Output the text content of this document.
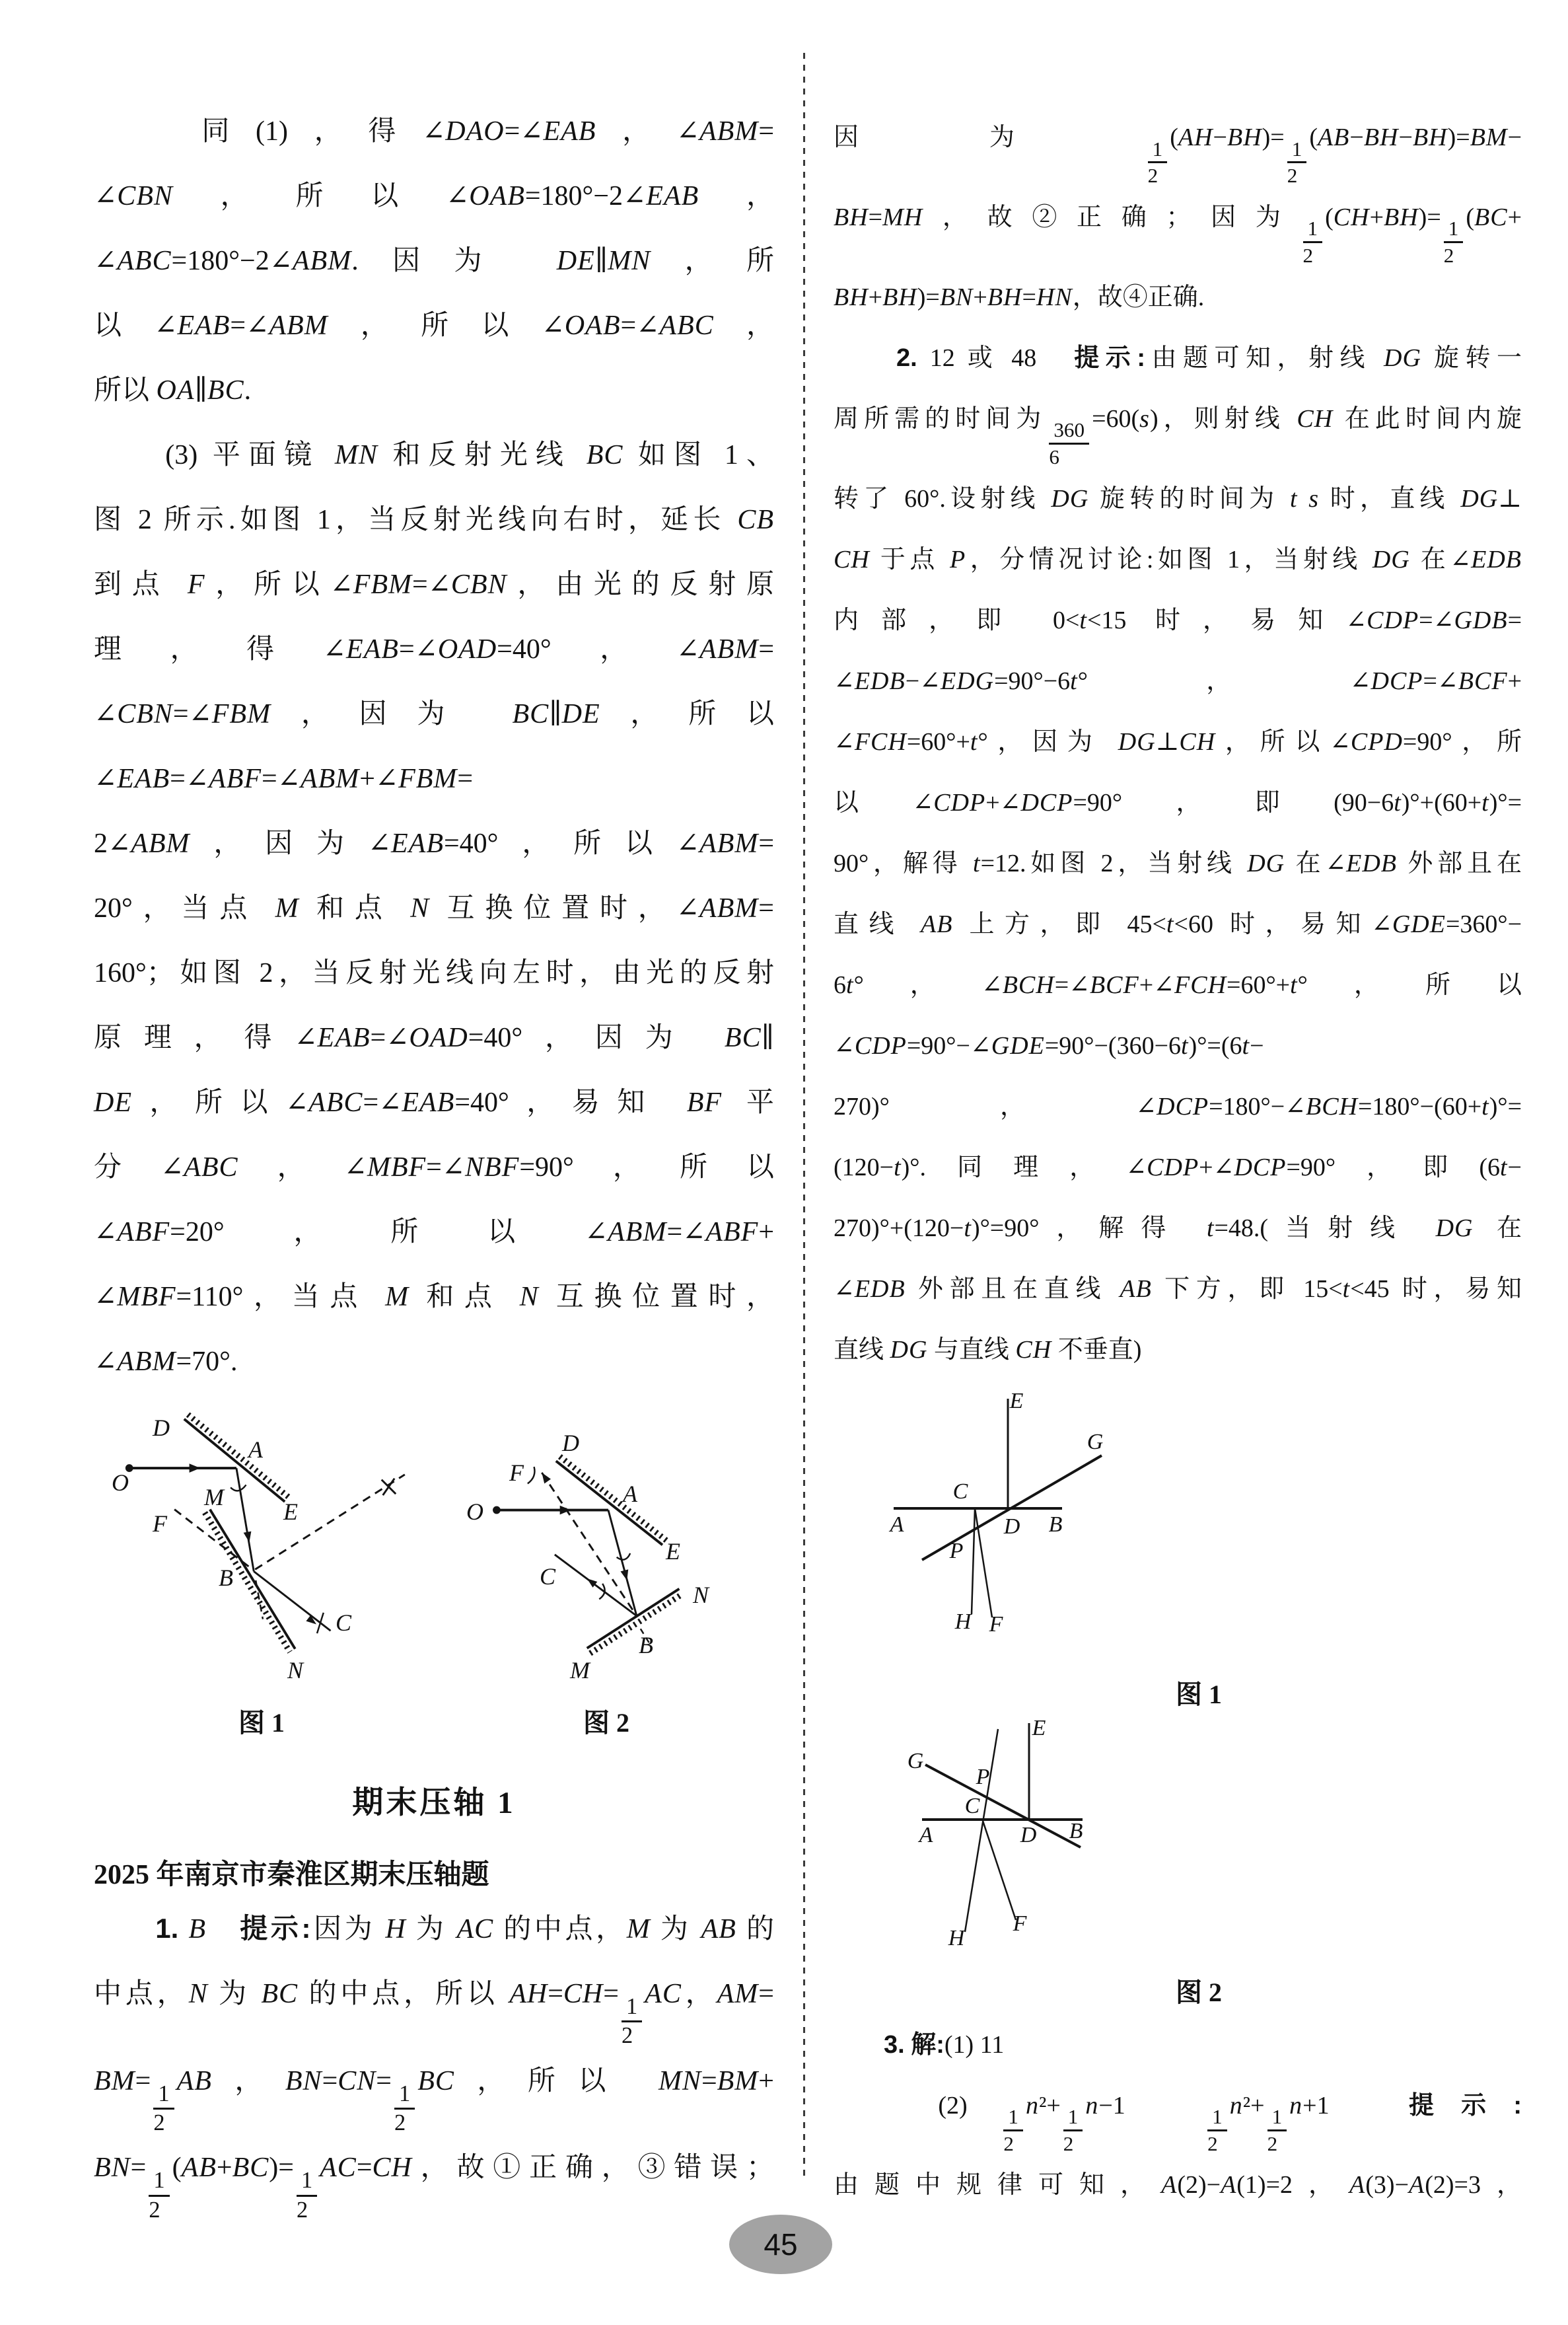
　　同(1)，得∠DAO=∠EAB，∠ABM=
∠CBN，所以∠OAB=180°−2∠EAB，
∠ABC=180°−2∠ABM.因为 DE∥MN，所
以∠EAB=∠ABM，所以∠OAB=∠ABC，
所以 OA∥BC.
　　(3) 平面镜 MN 和反射光线 BC 如图 1、
图 2 所示.如图 1，当反射光线向右时，延长 CB
到点 F，所以∠FBM=∠CBN，由光的反射原
理，得∠EAB=∠OAD=40°，∠ABM=
∠CBN=∠FBM，因为 BC∥DE，所以
∠EAB=∠ABF=∠ABM+∠FBM=
2∠ABM，因为∠EAB=40°，所以∠ABM=
20°，当点 M 和点 N 互换位置时，∠ABM=
160°；如图 2，当反射光线向左时，由光的反射
原理，得∠EAB=∠OAD=40°，因为 BC∥
DE，所以∠ABC=∠EAB=40°，易知 BF 平
分∠ABC，∠MBF=∠NBF=90°，所以
∠ABF=20°，所以∠ABM=∠ABF+
∠MBF=110°，当点 M 和点 N 互换位置时，
∠ABM=70°.
D
A
O
E
M
F
B
C
N
图 1
D
F
A
O
E
C
N
B
M
图 2
期末压轴 1
2025 年南京市秦淮区期末压轴题
　　1. B　 提示:因为 H 为 AC 的中点，M 为 AB 的
中点，N 为 BC 的中点，所以 AH=CH=
$\frac{1}{2}$
AC，AM=
BM=
$\frac{1}{2}$
AB，BN=CN=
$\frac{1}{2}$
BC，所以 MN=BM+
BN=
$\frac{1}{2}$
(AB+BC)=
$\frac{1}{2}$
AC=CH，故①正确，③错误；
因为
$\frac{1}{2}$
(AH−BH)=
$\frac{1}{2}$
(AB−BH−BH)=BM−
BH=MH，故②正确；因为
$\frac{1}{2}$
(CH+BH)=
$\frac{1}{2}$
(BC+
BH+BH)=BN+BH=HN，故④正确.
　　2. 12 或 48　提示:由题可知，射线 DG 旋转一
周所需的时间为
$\frac{360}{6}$
=60(s)，则射线 CH 在此时间内旋
转了 60°.设射线 DG 旋转的时间为 t s 时，直线 DG⊥
CH 于点 P，分情况讨论:如图 1，当射线 DG 在∠EDB
内部，即 0<t<15 时，易知∠CDP=∠GDB=
∠EDB−∠EDG=90°−6t°，∠DCP=∠BCF+
∠FCH=60°+t°，因为 DG⊥CH，所以∠CPD=90°，所
以∠CDP+∠DCP=90°，即(90−6t)°+(60+t)°=
90°，解得 t=12.如图 2，当射线 DG 在∠EDB 外部且在
直线 AB 上方，即 45<t<60 时，易知∠GDE=360°−
6t°，∠BCH=∠BCF+∠FCH=60°+t°，所以
∠CDP=90°−∠GDE=90°−(360−6t)°=(6t−
270)°，∠DCP=180°−∠BCH=180°−(60+t)°=
(120−t)°.同理，∠CDP+∠DCP=90°，即(6t−
270)°+(120−t)°=90°，解得 t=48.(当射线 DG 在
∠EDB 外部且在直线 AB 下方，即 15<t<45 时，易知
直线 DG 与直线 CH 不垂直)
E
G
C
A	D B
P
H F
图 1
E
G
P
C
A	D B
H
F
图 2
　　3. 解:(1) 11
　　(2)
$\frac{1}{2}$
n²+
$\frac{1}{2}$
n−1　
$\frac{1}{2}$
n²+
$\frac{1}{2}$
n+1　提示:
由题中规律可知，A(2)−A(1)=2，A(3)−A(2)=3，
45
